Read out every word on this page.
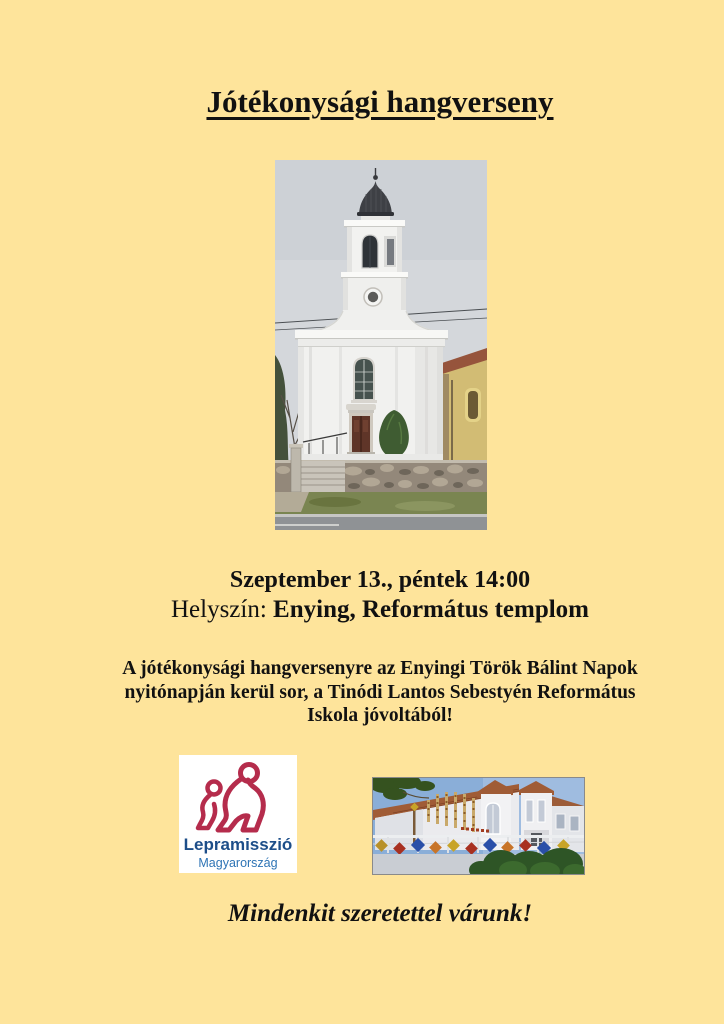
Jótékonysági hangverseny
Szeptember 13., péntek 14:00
Helyszín: Enying, Református templom
A jótékonysági hangversenyre az Enyingi Török Bálint Napok
nyitónapján kerül sor, a Tinódi Lantos Sebestyén Református
Iskola jóvoltából!
Lepramisszió
Magyarország
Mindenkit szeretettel várunk!
